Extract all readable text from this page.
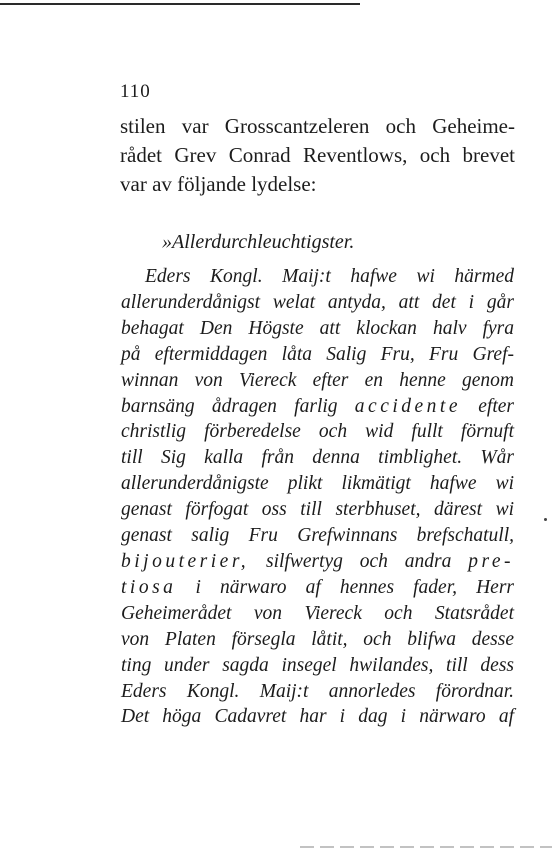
110
stilen var Grosscantzeleren och Geheime-
rådet Grev Conrad Reventlows, och brevet
var av följande lydelse:
»Allerdurchleuchtigster.
Eders Kongl. Maij:t hafwe wi härmed
allerunderdånigst welat antyda, att det i går
behagat Den Högste att klockan halv fyra
på eftermiddagen låta Salig Fru, Fru Gref-
winnan von Viereck efter en henne genom
barnsäng ådragen farlig accidente efter
christlig förberedelse och wid fullt förnuft
till Sig kalla från denna timblighet. Wår
allerunderdånigste plikt likmätigt hafwe wi
genast förfogat oss till sterbhuset, därest wi
genast salig Fru Grefwinnans brefschatull,
bijouterier, silfwertyg och andra pre-
tiosa i närwaro af hennes fader, Herr
Geheimerådet von Viereck och Statsrådet
von Platen försegla låtit, och blifwa desse
ting under sagda insegel hwilandes, till dess
Eders Kongl. Maij:t annorledes förordnar.
Det höga Cadavret har i dag i närwaro af
